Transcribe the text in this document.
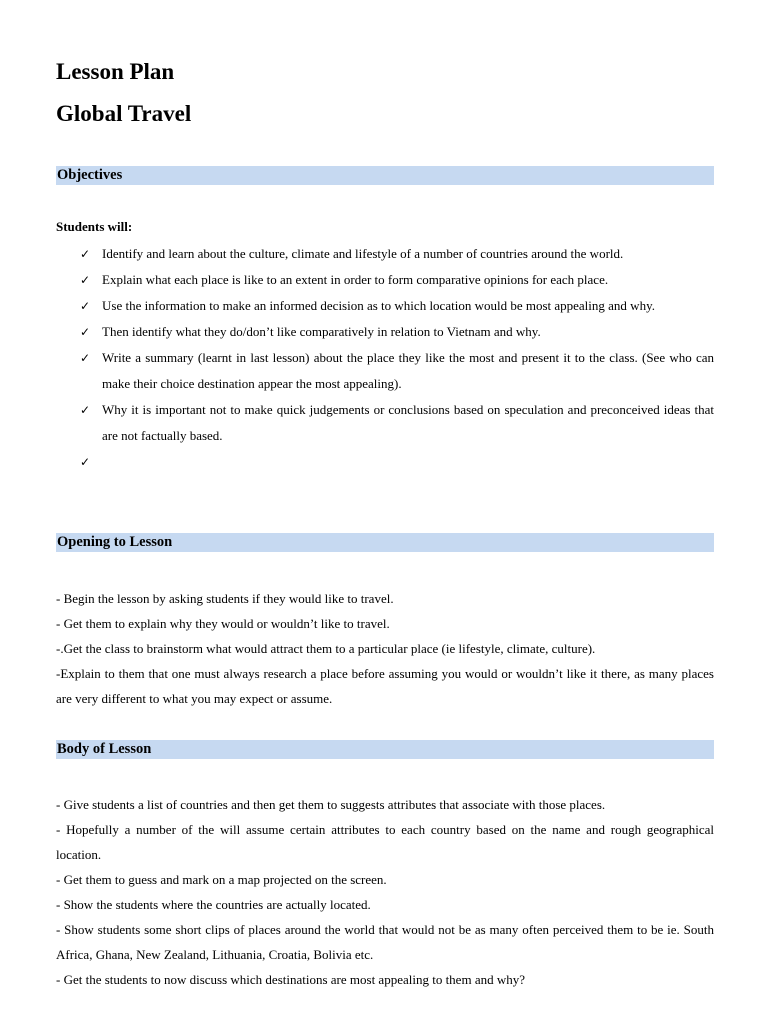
Lesson Plan
Global Travel
Objectives
Students will:
✓ Identify and learn about the culture, climate and lifestyle of a number of countries around the world.
✓ Explain what each place is like to an extent in order to form comparative opinions for each place.
✓ Use the information to make an informed decision as to which location would be most appealing and why.
✓ Then identify what they do/don’t like comparatively in relation to Vietnam and why.
✓ Write a summary (learnt in last lesson) about the place they like the most and present it to the class. (See who can make their choice destination appear the most appealing).
✓ Why it is important not to make quick judgements or conclusions based on speculation and preconceived ideas that are not factually based.
✓
Opening to Lesson

- Begin the lesson by asking students if they would like to travel.

- Get them to explain why they would or wouldn’t like to travel.

-.Get the class to brainstorm what would attract them to a particular place (ie lifestyle, climate, culture).

-Explain to them that one must always research a place before assuming you would or wouldn’t like it there, as many places are very different to what you may expect or assume.

Body of Lesson

- Give students a list of countries and then get them to suggests attributes that associate with those places.

- Hopefully a number of the will assume certain attributes to each country based on the name and rough geographical location.

- Get them to guess and mark on a map projected on the screen.

- Show the students where the countries are actually located.

- Show students some short clips of places around the world that would not be as many often perceived them to be ie. South Africa, Ghana, New Zealand, Lithuania, Croatia, Bolivia etc.

- Get the students to now discuss which destinations are most appealing to them and why?
